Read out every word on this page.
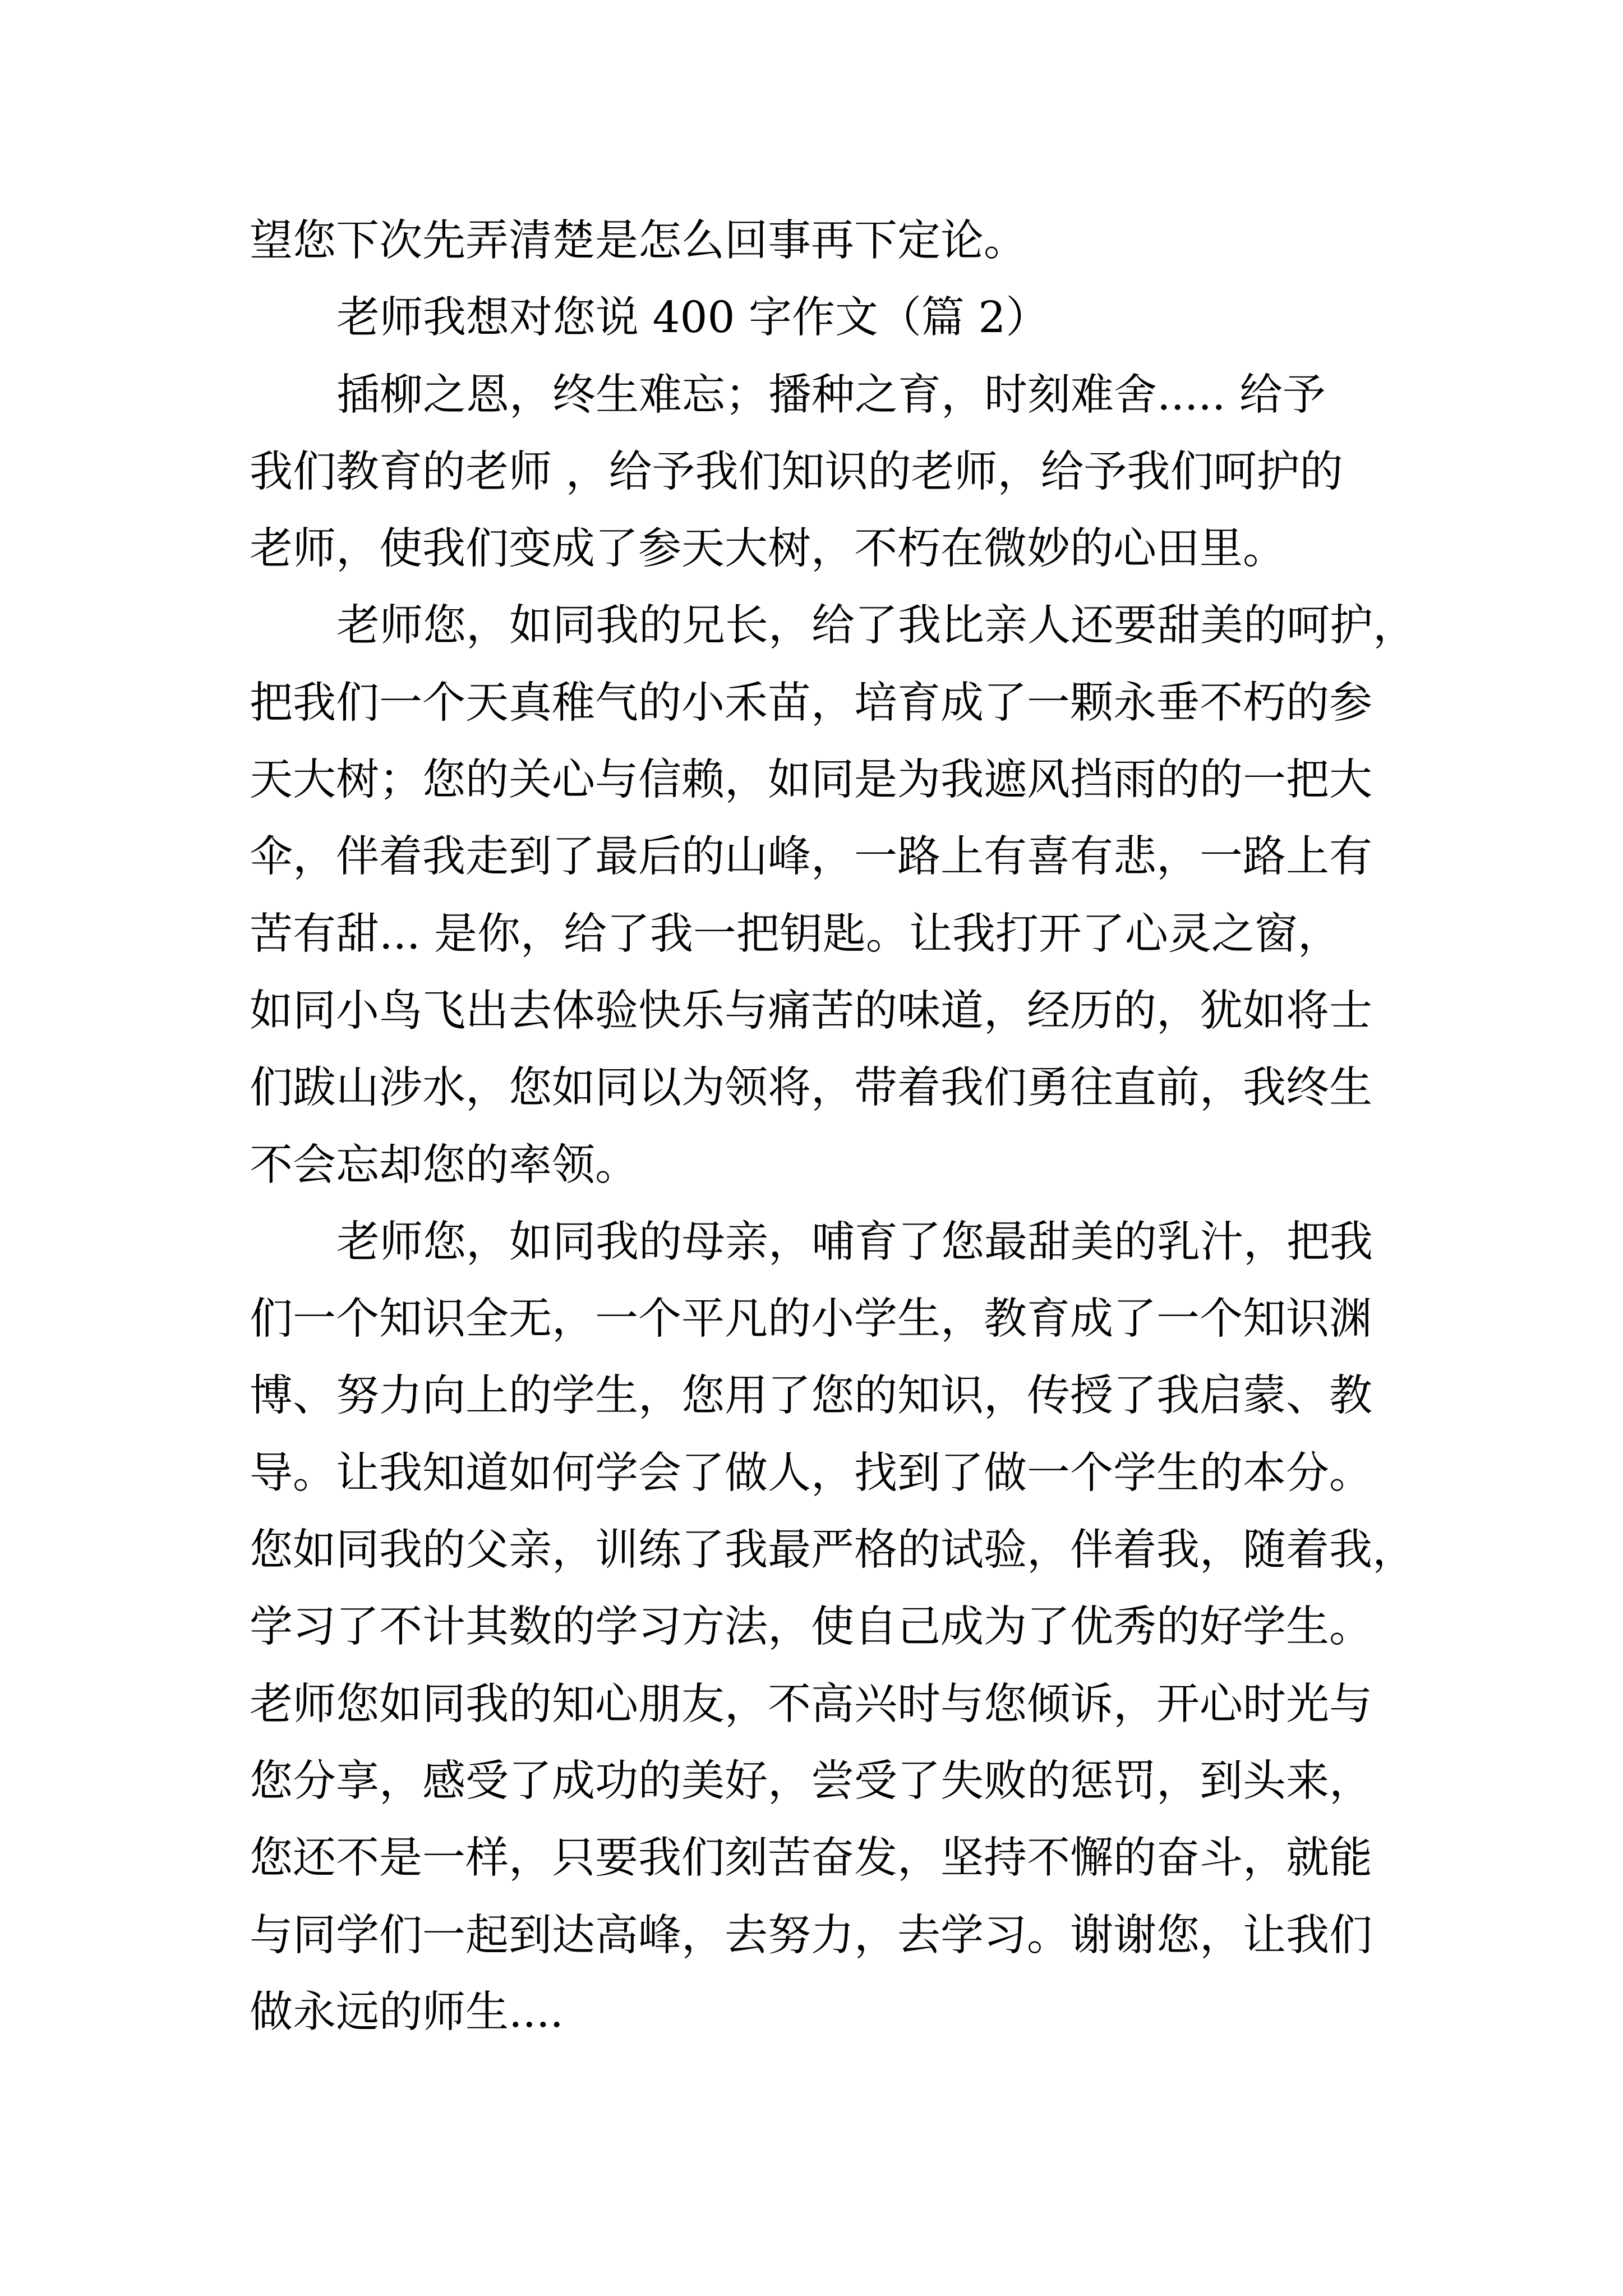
望您下次先弄清楚是怎么回事再下定论。
老师我想对您说 400 字作文（篇 2）
插柳之恩，终生难忘；播种之育，时刻难舍..... 给予
我们教育的老师 ，给予我们知识的老师，给予我们呵护的
老师，使我们变成了参天大树，不朽在微妙的心田里。
老师您，如同我的兄长，给了我比亲人还要甜美的呵护，
把我们一个天真稚气的小禾苗，培育成了一颗永垂不朽的参
天大树；您的关心与信赖，如同是为我遮风挡雨的的一把大
伞，伴着我走到了最后的山峰，一路上有喜有悲，一路上有
苦有甜... 是你，给了我一把钥匙。让我打开了心灵之窗，
如同小鸟飞出去体验快乐与痛苦的味道，经历的，犹如将士
们跋山涉水，您如同以为领将，带着我们勇往直前，我终生
不会忘却您的率领。
老师您，如同我的母亲，哺育了您最甜美的乳汁，把我
们一个知识全无，一个平凡的小学生，教育成了一个知识渊
博、努力向上的学生，您用了您的知识，传授了我启蒙、教
导。让我知道如何学会了做人，找到了做一个学生的本分。
您如同我的父亲，训练了我最严格的试验，伴着我，随着我，
学习了不计其数的学习方法，使自己成为了优秀的好学生。
老师您如同我的知心朋友，不高兴时与您倾诉，开心时光与
您分享，感受了成功的美好，尝受了失败的惩罚，到头来，
您还不是一样，只要我们刻苦奋发，坚持不懈的奋斗，就能
与同学们一起到达高峰，去努力，去学习。谢谢您，让我们
做永远的师生....
